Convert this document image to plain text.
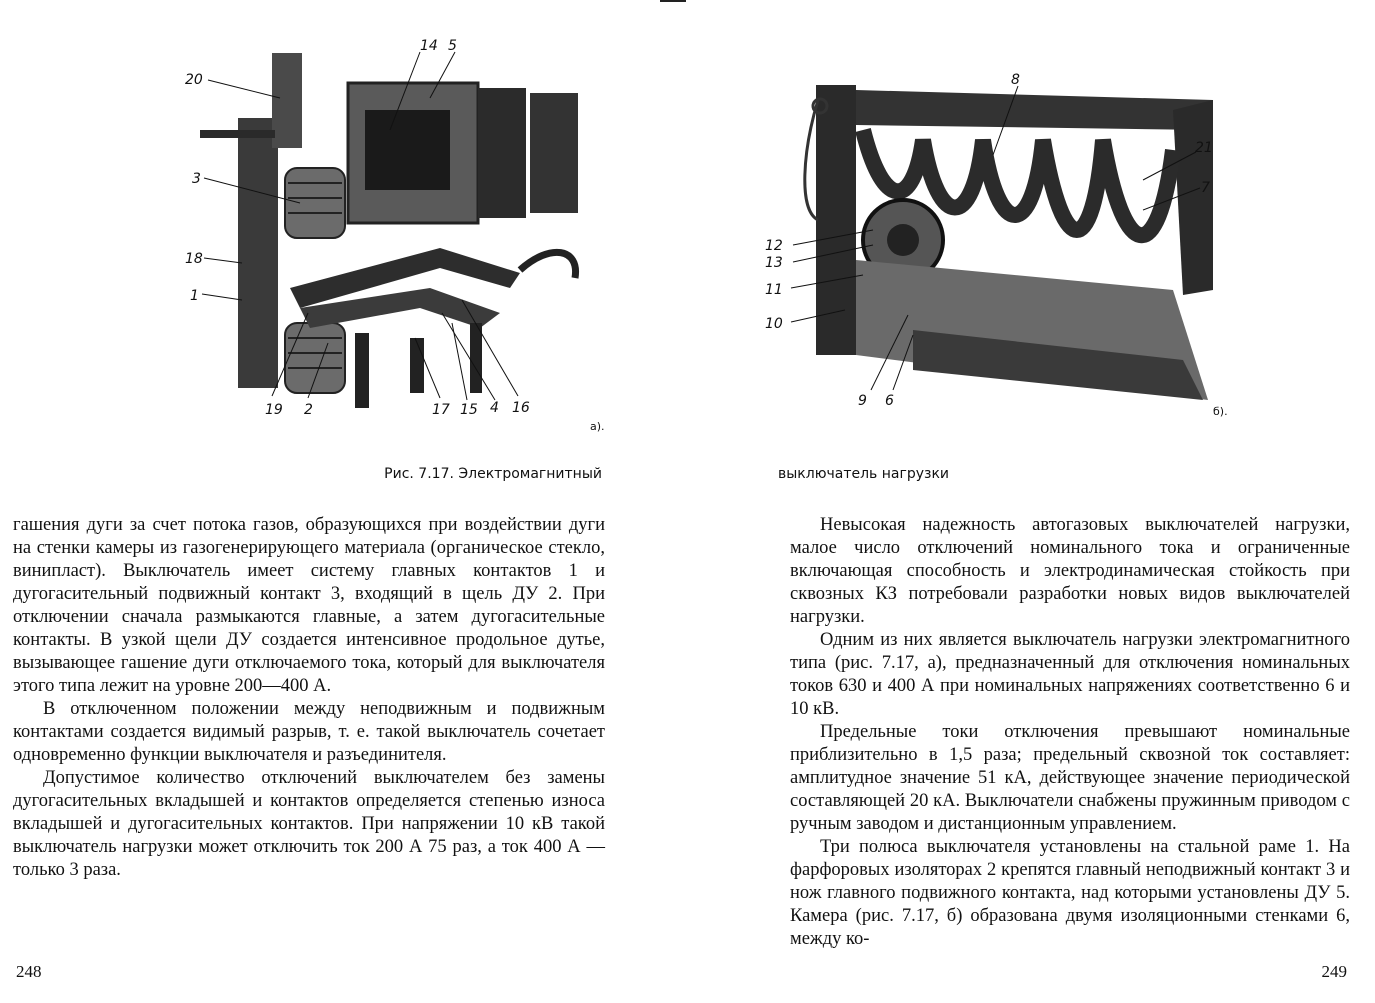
20
14 5
3
18
1
19 2	17 15 4 16
а).
Рис. 7.17. Электромагнитный

гашения дуги за счет потока газов, образующихся при воздействии дуги на стенки камеры из газогенерирующего материала (органическое стекло, винипласт). Выключатель имеет систему главных контактов 1 и дугогасительный подвижный контакт 3, входящий в щель ДУ 2. При отключении сначала размыкаются главные, а затем дугогасительные контакты. В узкой щели ДУ создается интенсивное продольное дутье, вызывающее гашение дуги отключаемого тока, который для выключателя этого типа лежит на уровне 200—400 А.

В отключенном положении между неподвижным и подвижным контактами создается видимый разрыв, т. е. такой выключатель сочетает одновременно функции выключателя и разъединителя.

Допустимое количество отключений выключателем без замены дугогасительных вкладышей и контактов определяется степенью износа вкладышей и дугогасительных контактов. При напряжении 10 кВ такой выключатель нагрузки может отключить ток 200 А 75 раз, а ток 400 А — только 3 раза.

248
8
21
7
12
13
11
10
9 6
б).
выключатель нагрузки

Невысокая надежность автогазовых выключателей нагрузки, малое число отключений номинального тока и ограниченные включающая способность и электродинамическая стойкость при сквозных КЗ потребовали разработки новых видов выключателей нагрузки.

Одним из них является выключатель нагрузки электромагнитного типа (рис. 7.17, а), предназначенный для отключения номинальных токов 630 и 400 А при номинальных напряжениях соответственно 6 и 10 кВ.

Предельные токи отключения превышают номинальные приблизительно в 1,5 раза; предельный сквозной ток составляет: амплитудное значение 51 кА, действующее значение периодической составляющей 20 кА. Выключатели снабжены пружинным приводом с ручным заводом и дистанционным управлением.

Три полюса выключателя установлены на стальной раме 1. На фарфоровых изоляторах 2 крепятся главный неподвижный контакт 3 и нож главного подвижного контакта, над которыми установлены ДУ 5. Камера (рис. 7.17, б) образована двумя изоляционными стенками 6, между ко-

249
